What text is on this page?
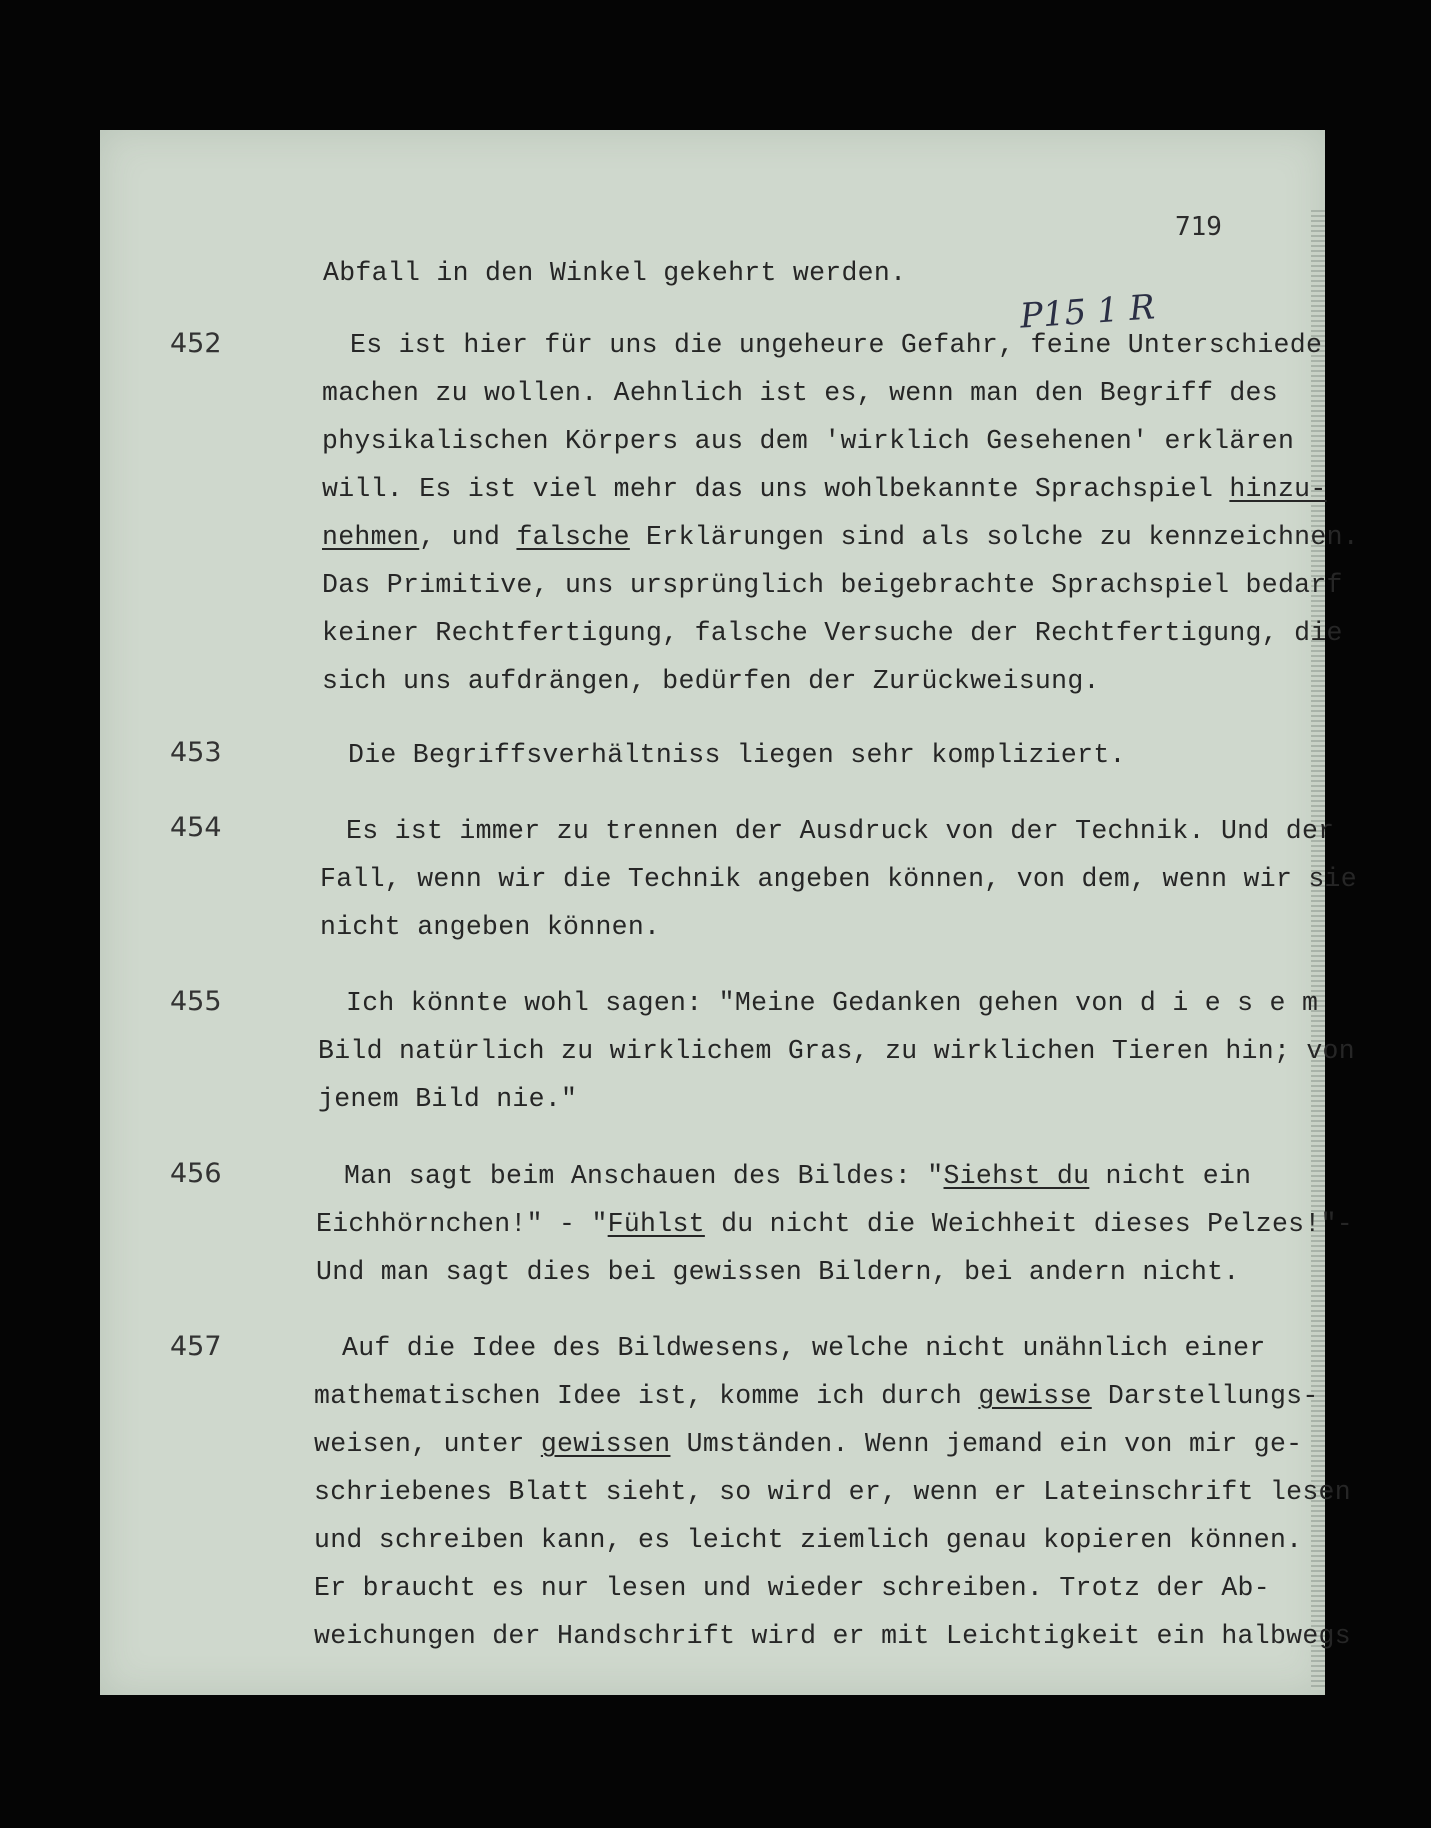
719
P15 1 R
452
453
454
455
456
457
Abfall in den Winkel gekehrt werden.
Es ist hier für uns die ungeheure Gefahr, feine Unterschiede
machen zu wollen. Aehnlich ist es, wenn man den Begriff des
physikalischen Körpers aus dem 'wirklich Gesehenen' erklären
will. Es ist viel mehr das uns wohlbekannte Sprachspiel hinzu-
nehmen, und falsche Erklärungen sind als solche zu kennzeichnen.
Das Primitive, uns ursprünglich beigebrachte Sprachspiel bedarf
keiner Rechtfertigung, falsche Versuche der Rechtfertigung, die
sich uns aufdrängen, bedürfen der Zurückweisung.
Die Begriffsverhältniss liegen sehr kompliziert.
Es ist immer zu trennen der Ausdruck von der Technik. Und der
Fall, wenn wir die Technik angeben können, von dem, wenn wir sie
nicht angeben können.
Ich könnte wohl sagen: "Meine Gedanken gehen von d i e s e m
Bild natürlich zu wirklichem Gras, zu wirklichen Tieren hin; von
jenem Bild nie."
Man sagt beim Anschauen des Bildes: "Siehst du nicht ein
Eichhörnchen!" - "Fühlst du nicht die Weichheit dieses Pelzes!"-
Und man sagt dies bei gewissen Bildern, bei andern nicht.
Auf die Idee des Bildwesens, welche nicht unähnlich einer
mathematischen Idee ist, komme ich durch gewisse Darstellungs-
weisen, unter gewissen Umständen. Wenn jemand ein von mir ge-
schriebenes Blatt sieht, so wird er, wenn er Lateinschrift lesen
und schreiben kann, es leicht ziemlich genau kopieren können.
Er braucht es nur lesen und wieder schreiben. Trotz der Ab-
weichungen der Handschrift wird er mit Leichtigkeit ein halbwegs
